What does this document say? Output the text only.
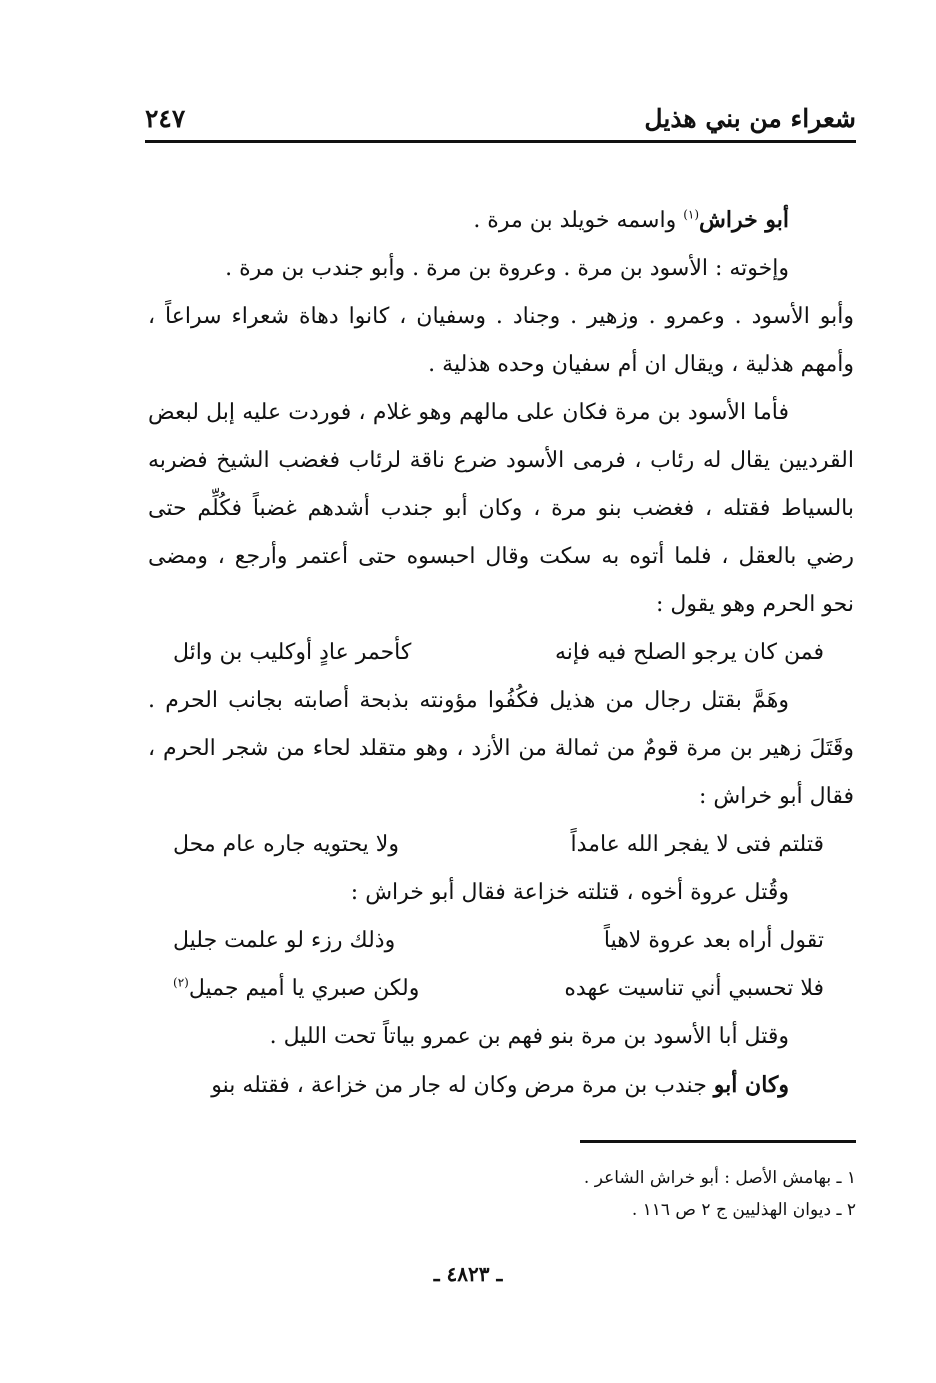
شعراء من بني هذيل
٢٤٧

أبو خراش$^{(١)}$ واسمه خويلد بن مرة .

وإخوته : الأسود بن مرة . وعروة بن مرة . وأبو جندب بن مرة .

وأبو الأسود . وعمرو . وزهير . وجناد . وسفيان ، كانوا دهاة شعراء سراعاً ، وأمهم هذلية ، ويقال ان أم سفيان وحده هذلية .

فأما الأسود بن مرة فكان على مالهم وهو غلام ، فوردت عليه إبل لبعض القرديين يقال له رئاب ، فرمى الأسود ضرع ناقة لرئاب فغضب الشيخ فضربه بالسياط فقتله ، فغضب بنو مرة ، وكان أبو جندب أشدهم غضباً فكُلِّم حتى رضي بالعقل ، فلما أتوه به سكت وقال احبسوه حتى أعتمر وأرجع ، ومضى نحو الحرم وهو يقول :

فمن كان يرجو الصلح فيه فإنه
كأحمر عادٍ أوكليب بن وائل

وهَمَّ بقتل رجال من هذيل فكُفُوا مؤونته بذبحة أصابته بجانب الحرم . وقَتَلَ زهير بن مرة قومٌ من ثمالة من الأزد ، وهو متقلد لحاء من شجر الحرم ، فقال أبو خراش :

قتلتم فتى لا يفجر الله عامداً
ولا يحتويه جاره عام محل

وقُتل عروة أخوه ، قتلته خزاعة فقال أبو خراش :

تقول أراه بعد عروة لاهياً
وذلك رزء لو علمت جليل
فلا تحسبي أني تناسيت عهده
ولكن صبري يا أميم جميل$^{(٢)}$

وقتل أبا الأسود بن مرة بنو فهم بن عمرو بياتاً تحت الليل .

وكان أبو جندب بن مرة مرض وكان له جار من خزاعة ، فقتله بنو

١ ـ بهامش الأصل : أبو خراش الشاعر .

٢ ـ ديوان الهذليين ج ٢ ص ١١٦ .

ـ ٤٨٢٣ ـ
